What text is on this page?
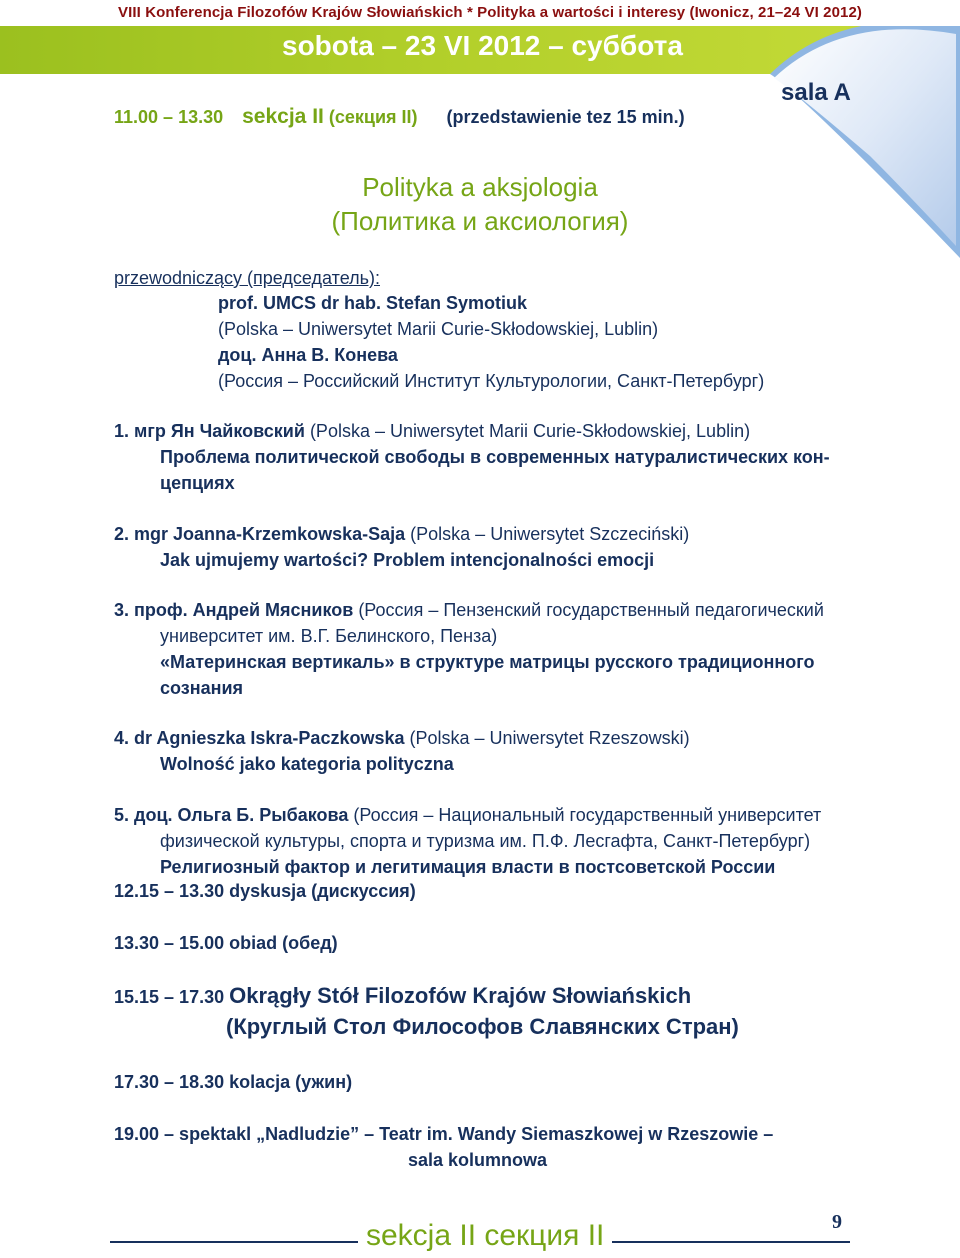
VIII Konferencja Filozofów Krajów Słowiańskich * Polityka a wartości i interesy (Iwonicz, 21–24 VI 2012)
sobota – 23 VI 2012 – суббота
sala A
11.00 – 13.30 sekcja II (секция II) (przedstawienie tez 15 min.)
Polityka a aksjologia
(Политика и аксиология)
przewodniczący (председатель):
prof. UMCS dr hab. Stefan Symotiuk
(Polska – Uniwersytet Marii Curie-Skłodowskiej, Lublin)
доц. Анна В. Конева
(Россия – Российский Институт Культурологии, Санкт-Петербург)
1. мгр Ян Чайковский (Polska – Uniwersytet Marii Curie-Skłodowskiej, Lublin)
Проблема политической свободы в современных натуралистических кон-
цепциях
2. mgr Joanna-Krzemkowska-Saja (Polska – Uniwersytet Szczeciński)
Jak ujmujemy wartości? Problem intencjonalności emocji
3. проф. Андрей Мясников (Россия – Пензенский государственный педагогический
университет им. В.Г. Белинского, Пенза)
«Материнская вертикаль» в структуре матрицы русского традиционного
сознания
4. dr Agnieszka Iskra-Paczkowska (Polska – Uniwersytet Rzeszowski)
Wolność jako kategoria polityczna
5. доц. Ольга Б. Рыбакова (Россия – Национальный государственный университет
физической культуры, спорта и туризма им. П.Ф. Лесгафта, Санкт-Петербург)
Религиозный фактор и легитимация власти в постсоветской России
12.15 – 13.30 dyskusja (дискуссия)
13.30 – 15.00 obiad (обед)
15.15 – 17.30 Okrągły Stół Filozofów Krajów Słowiańskich
(Круглый Стол Философов Славянских Стран)
17.30 – 18.30 kolacja (ужин)
19.00 – spektakl „Nadludzie” – Teatr im. Wandy Siemaszkowej w Rzeszowie –
sala kolumnowa
sekcja II секция II	9
